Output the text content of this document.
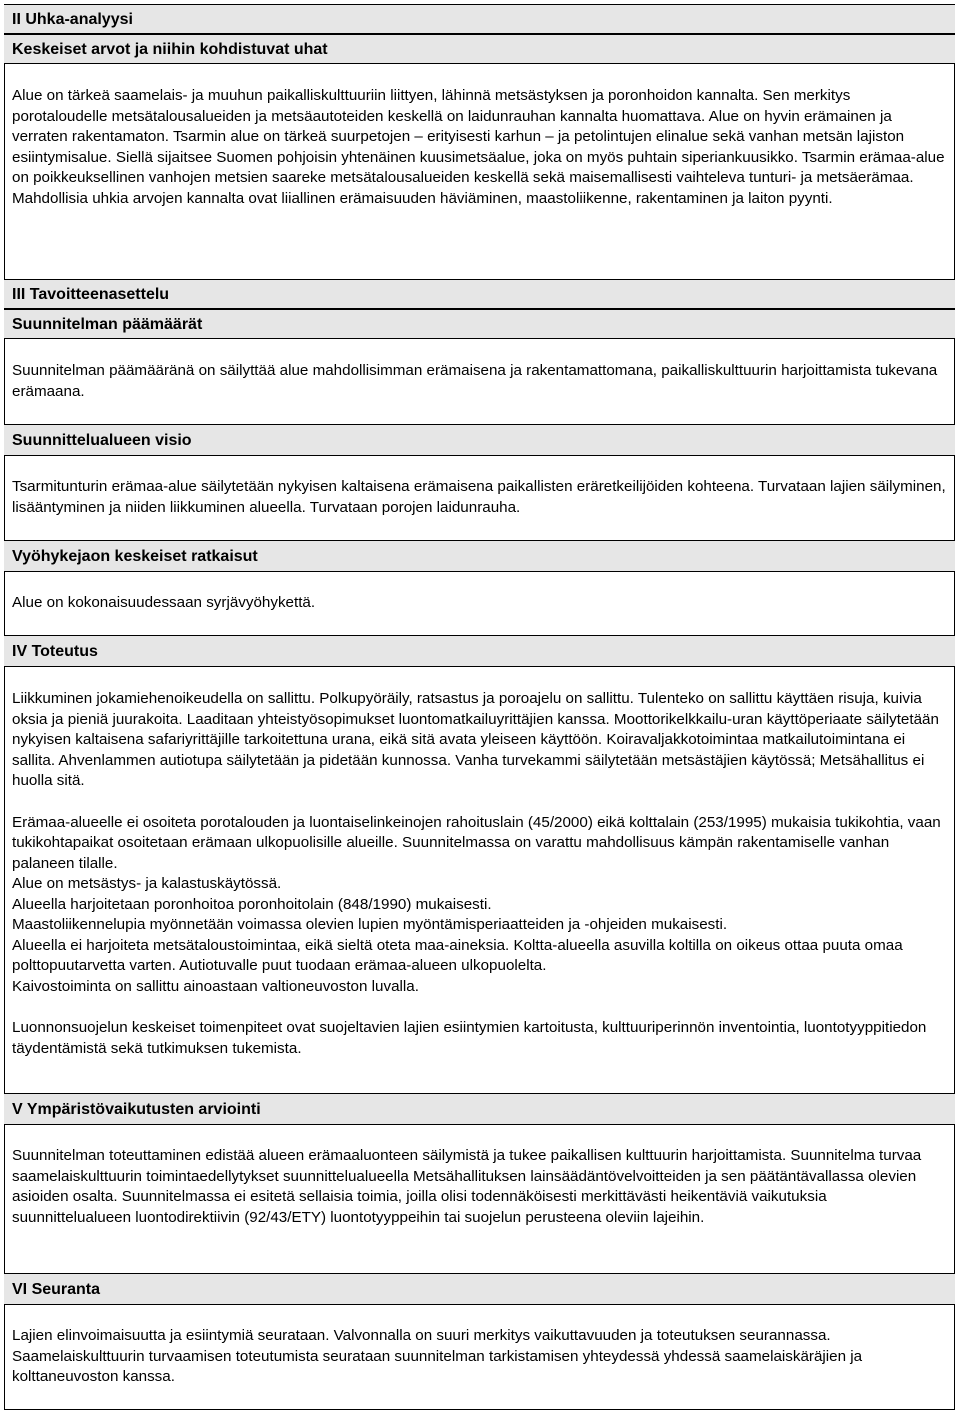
II Uhka-analyysi
Keskeiset arvot ja niihin kohdistuvat uhat

Alue on tärkeä saamelais- ja muuhun paikalliskulttuuriin liittyen, lähinnä metsästyksen ja poronhoidon kannalta. Sen merkitys porotaloudelle metsätalousalueiden ja metsäautoteiden keskellä on laidunrauhan kannalta huomattava. Alue on hyvin erämainen ja verraten rakentamaton. Tsarmin alue on tärkeä suurpetojen – erityisesti karhun – ja petolintujen elinalue sekä vanhan metsän lajiston esiintymisalue. Siellä sijaitsee Suomen pohjoisin yhtenäinen kuusimetsäalue, joka on myös puhtain siperiankuusikko. Tsarmin erämaa-alue on poikkeuksellinen vanhojen metsien saareke metsätalousalueiden keskellä sekä maisemallisesti vaihteleva tunturi- ja metsäerämaa. Mahdollisia uhkia arvojen kannalta ovat liiallinen erämaisuuden häviäminen, maastoliikenne, rakentaminen ja laiton pyynti.

III Tavoitteenasettelu
Suunnitelman päämäärät

Suunnitelman päämääränä on säilyttää alue mahdollisimman erämaisena ja rakentamattomana, paikalliskulttuurin harjoittamista tukevana erämaana.

Suunnittelualueen visio

Tsarmitunturin erämaa-alue säilytetään nykyisen kaltaisena erämaisena paikallisten eräretkeilijöiden kohteena. Turvataan lajien säilyminen, lisääntyminen ja niiden liikkuminen alueella. Turvataan porojen laidunrauha.

Vyöhykejaon keskeiset ratkaisut

Alue on kokonaisuudessaan syrjävyöhykettä.

IV Toteutus

Liikkuminen jokamiehenoikeudella on sallittu. Polkupyöräily, ratsastus ja poroajelu on sallittu. Tulenteko on sallittu käyttäen risuja, kuivia oksia ja pieniä juurakoita. Laaditaan yhteistyösopimukset luontomatkailuyrittäjien kanssa. Moottorikelkkailu-uran käyttöperiaate säilytetään nykyisen kaltaisena safariyrittäjille tarkoitettuna urana, eikä sitä avata yleiseen käyttöön. Koiravaljakkotoimintaa matkailutoimintana ei sallita. Ahvenlammen autiotupa säilytetään ja pidetään kunnossa. Vanha turvekammi säilytetään metsästäjien käytössä; Metsähallitus ei huolla sitä.

Erämaa-alueelle ei osoiteta porotalouden ja luontaiselinkeinojen rahoituslain (45/2000) eikä kolttalain (253/1995) mukaisia tukikohtia, vaan tukikohtapaikat osoitetaan erämaan ulkopuolisille alueille. Suunnitelmassa on varattu mahdollisuus kämpän rakentamiselle vanhan palaneen tilalle.

Alue on metsästys- ja kalastuskäytössä.

Alueella harjoitetaan poronhoitoa poronhoitolain (848/1990) mukaisesti.

Maastoliikennelupia myönnetään voimassa olevien lupien myöntämisperiaatteiden ja -ohjeiden mukaisesti.

Alueella ei harjoiteta metsätaloustoimintaa, eikä sieltä oteta maa-aineksia. Koltta-alueella asuvilla koltilla on oikeus ottaa puuta omaa polttopuutarvetta varten. Autiotuvalle puut tuodaan erämaa-alueen ulkopuolelta.

Kaivostoiminta on sallittu ainoastaan valtioneuvoston luvalla.

Luonnonsuojelun keskeiset toimenpiteet ovat suojeltavien lajien esiintymien kartoitusta, kulttuuriperinnön inventointia, luontotyyppitiedon täydentämistä sekä tutkimuksen tukemista.

V Ympäristövaikutusten arviointi

Suunnitelman toteuttaminen edistää alueen erämaaluonteen säilymistä ja tukee paikallisen kulttuurin harjoittamista. Suunnitelma turvaa saamelaiskulttuurin toimintaedellytykset suunnittelualueella Metsähallituksen lainsäädäntövelvoitteiden ja sen päätäntävallassa olevien asioiden osalta. Suunnitelmassa ei esitetä sellaisia toimia, joilla olisi todennäköisesti merkittävästi heikentäviä vaikutuksia suunnittelualueen luontodirektiivin (92/43/ETY) luontotyyppeihin tai suojelun perusteena oleviin lajeihin.

VI Seuranta

Lajien elinvoimaisuutta ja esiintymiä seurataan. Valvonnalla on suuri merkitys vaikuttavuuden ja toteutuksen seurannassa. Saamelaiskulttuurin turvaamisen toteutumista seurataan suunnitelman tarkistamisen yhteydessä yhdessä saamelaiskäräjien ja kolttaneuvoston kanssa.
